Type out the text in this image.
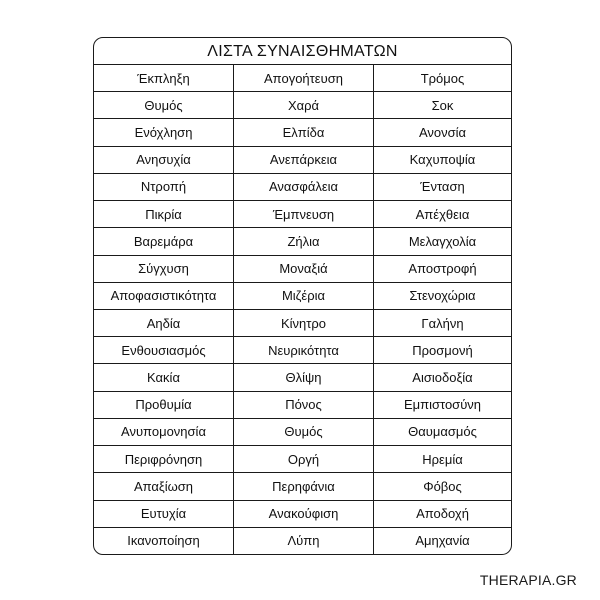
ΛΙΣΤΑ ΣΥΝΑΙΣΘΗΜΑΤΩΝ
Έκπληξη	Απογοήτευση	Τρόμος
Θυμός	Χαρά	Σοκ
Ενόχληση	Ελπίδα	Ανονσία
Ανησυχία	Ανεπάρκεια	Καχυποψία
Ντροπή	Ανασφάλεια	Ένταση
Πικρία	Έμπνευση	Απέχθεια
Βαρεμάρα	Ζήλια	Μελαγχολία
Σύγχυση	Μοναξιά	Αποστροφή
Αποφασιστικότητα	Μιζέρια	Στενοχώρια
Αηδία	Κίνητρο	Γαλήνη
Ενθουσιασμός	Νευρικότητα	Προσμονή
Κακία	Θλίψη	Αισιοδοξία
Προθυμία	Πόνος	Εμπιστοσύνη
Ανυπομονησία	Θυμός	Θαυμασμός
Περιφρόνηση	Οργή	Ηρεμία
Απαξίωση	Περηφάνια	Φόβος
Ευτυχία	Ανακούφιση	Αποδοχή
Ικανοποίηση	Λύπη	Αμηχανία
THERAPIA.GR
